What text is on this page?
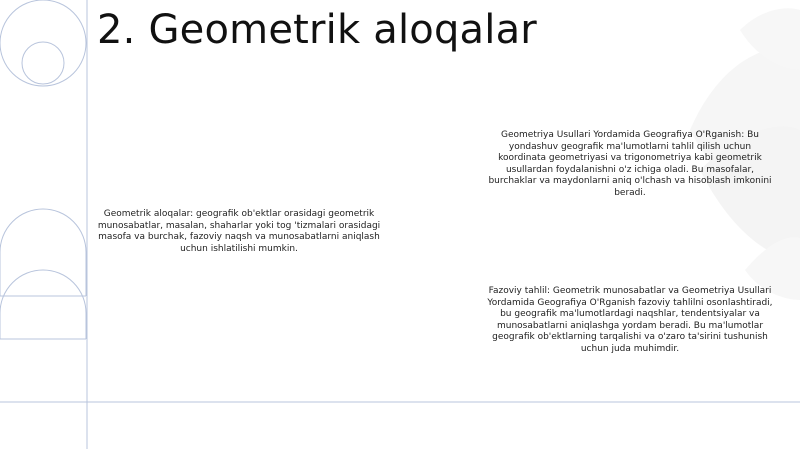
2. Geometrik aloqalar

Geometrik aloqalar: geografik ob'ektlar orasidagi geometrik munosabatlar, masalan, shaharlar yoki tog 'tizmalari orasidagi masofa va burchak, fazoviy naqsh va munosabatlarni aniqlash uchun ishlatilishi mumkin.

Geometriya Usullari Yordamida Geografiya O'Rganish: Bu yondashuv geografik ma'lumotlarni tahlil qilish uchun koordinata geometriyasi va trigonometriya kabi geometrik usullardan foydalanishni o'z ichiga oladi. Bu masofalar, burchaklar va maydonlarni aniq o'lchash va hisoblash imkonini beradi.

Fazoviy tahlil: Geometrik munosabatlar va Geometriya Usullari Yordamida Geografiya O'Rganish fazoviy tahlilni osonlashtiradi, bu geografik ma'lumotlardagi naqshlar, tendentsiyalar va munosabatlarni aniqlashga yordam beradi. Bu ma'lumotlar geografik ob'ektlarning tarqalishi va o'zaro ta'sirini tushunish uchun juda muhimdir.
